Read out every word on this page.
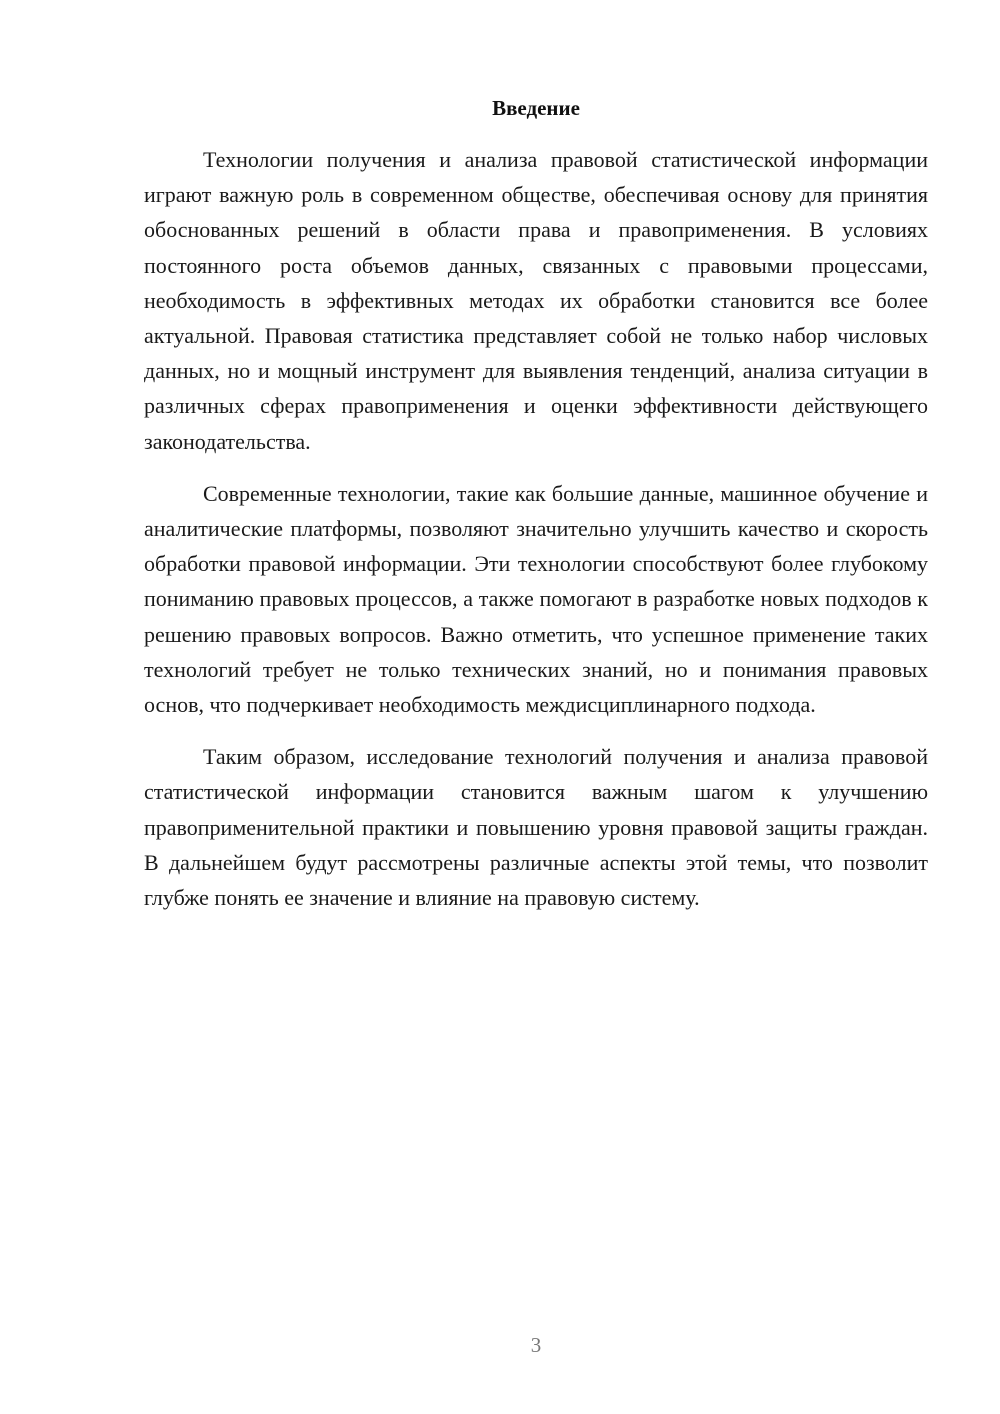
Введение

Технологии получения и анализа правовой статистической информации играют важную роль в современном обществе, обеспечивая основу для принятия обоснованных решений в области права и правоприменения. В условиях постоянного роста объемов данных, связанных с правовыми процессами, необходимость в эффективных методах их обработки становится все более актуальной. Правовая статистика представляет собой не только набор числовых данных, но и мощный инструмент для выявления тенденций, анализа ситуации в различных сферах правоприменения и оценки эффективности действующего законодательства.

Современные технологии, такие как большие данные, машинное обучение и аналитические платформы, позволяют значительно улучшить качество и скорость обработки правовой информации. Эти технологии способствуют более глубокому пониманию правовых процессов, а также помогают в разработке новых подходов к решению правовых вопросов. Важно отметить, что успешное применение таких технологий требует не только технических знаний, но и понимания правовых основ, что подчеркивает необходимость междисциплинарного подхода.

Таким образом, исследование технологий получения и анализа правовой статистической информации становится важным шагом к улучшению правоприменительной практики и повышению уровня правовой защиты граждан. В дальнейшем будут рассмотрены различные аспекты этой темы, что позволит глубже понять ее значение и влияние на правовую систему.

3
